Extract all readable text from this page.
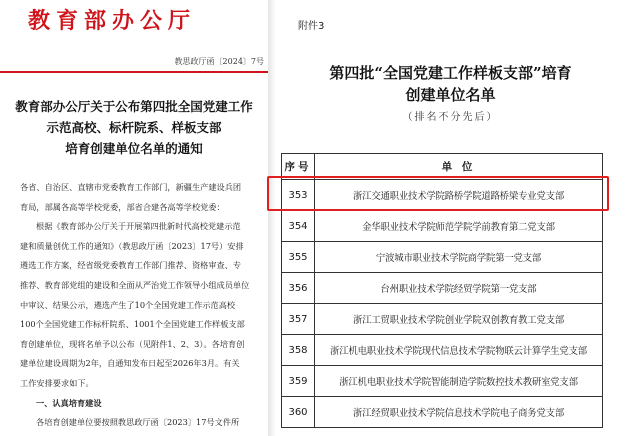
教育部办公厅
教思政厅函〔2024〕7号
教育部办公厅关于公布第四批全国党建工作
示范高校、标杆院系、样板支部
培育创建单位名单的通知

各省、自治区、直辖市党委教育工作部门，新疆生产建设兵团

育局，部属各高等学校党委，部省合建各高等学校党委：

根据《教育部办公厅关于开展第四批新时代高校党建示范

建和质量创优工作的通知》（教思政厅函〔2023〕17号）安排

遴选工作方案，经省级党委教育工作部门推荐、资格审查、专

推荐、教育部党组的建设和全面从严治党工作领导小组成员单位

中审议、结果公示，遴选产生了10个全国党建工作示范高校

100个全国党建工作标杆院系、1001个全国党建工作样板支部

育创建单位，现将名单予以公布（见附件1、2、3）。各培育创

建单位建设周期为2年，自通知发布日起至2026年3月。有关

工作安排要求如下。

一、认真培育建设

各培育创建单位要按照教思政厅函〔2023〕17号文件所

附件3
第四批“全国党建工作样板支部”培育
创建单位名单
（排名不分先后）
序号	单 位
353	浙江交通职业技术学院路桥学院道路桥梁专业党支部
354	金华职业技术学院师范学院学前教育第二党支部
355	宁波城市职业技术学院商学院第一党支部
356	台州职业技术学院经贸学院第一党支部
357	浙江工贸职业技术学院创业学院双创教育教工党支部
358	浙江机电职业技术学院现代信息技术学院物联云计算学生党支部
359	浙江机电职业技术学院智能制造学院数控技术教研室党支部
360	浙江经贸职业技术学院信息技术学院电子商务党支部
